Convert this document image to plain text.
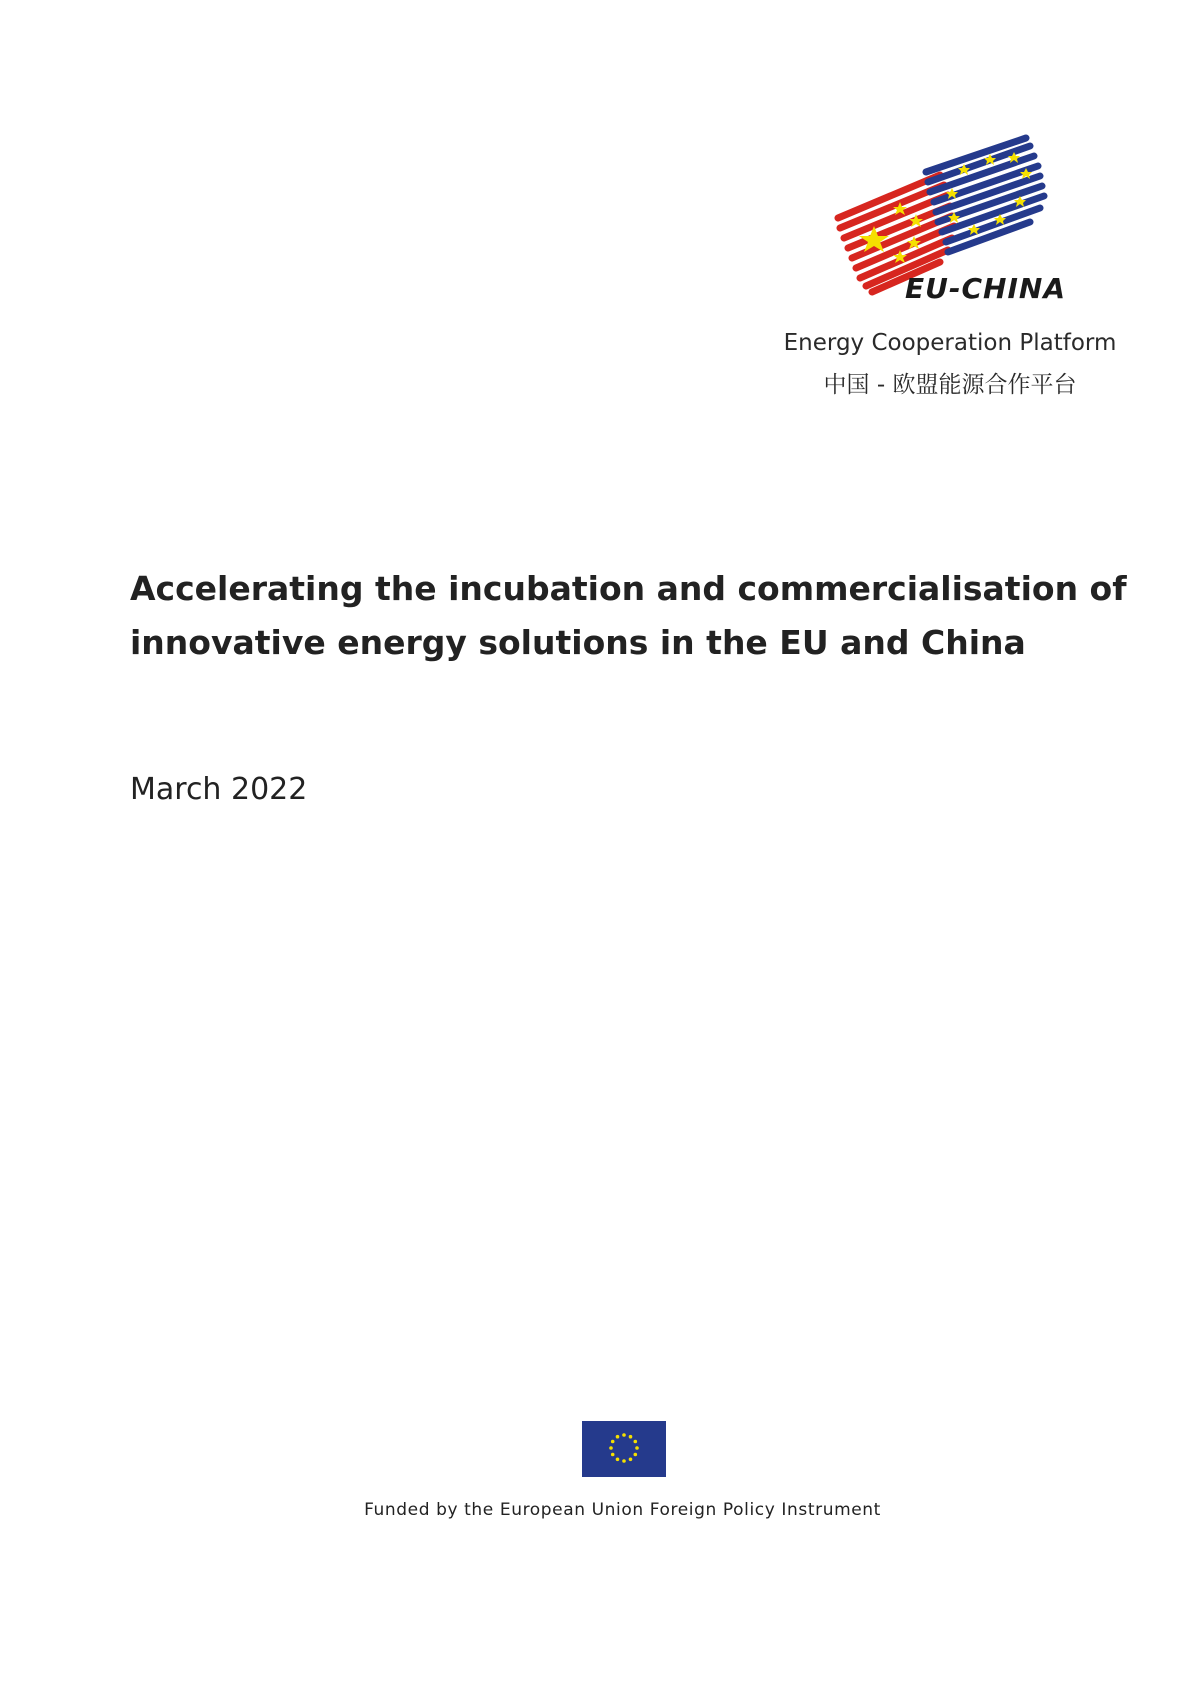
EU-CHINA
Energy Cooperation Platform
中国 - 欧盟能源合作平台
Accelerating the incubation and commercialisation of innovative energy solutions in the EU and China
March 2022
Funded by the European Union Foreign Policy Instrument
